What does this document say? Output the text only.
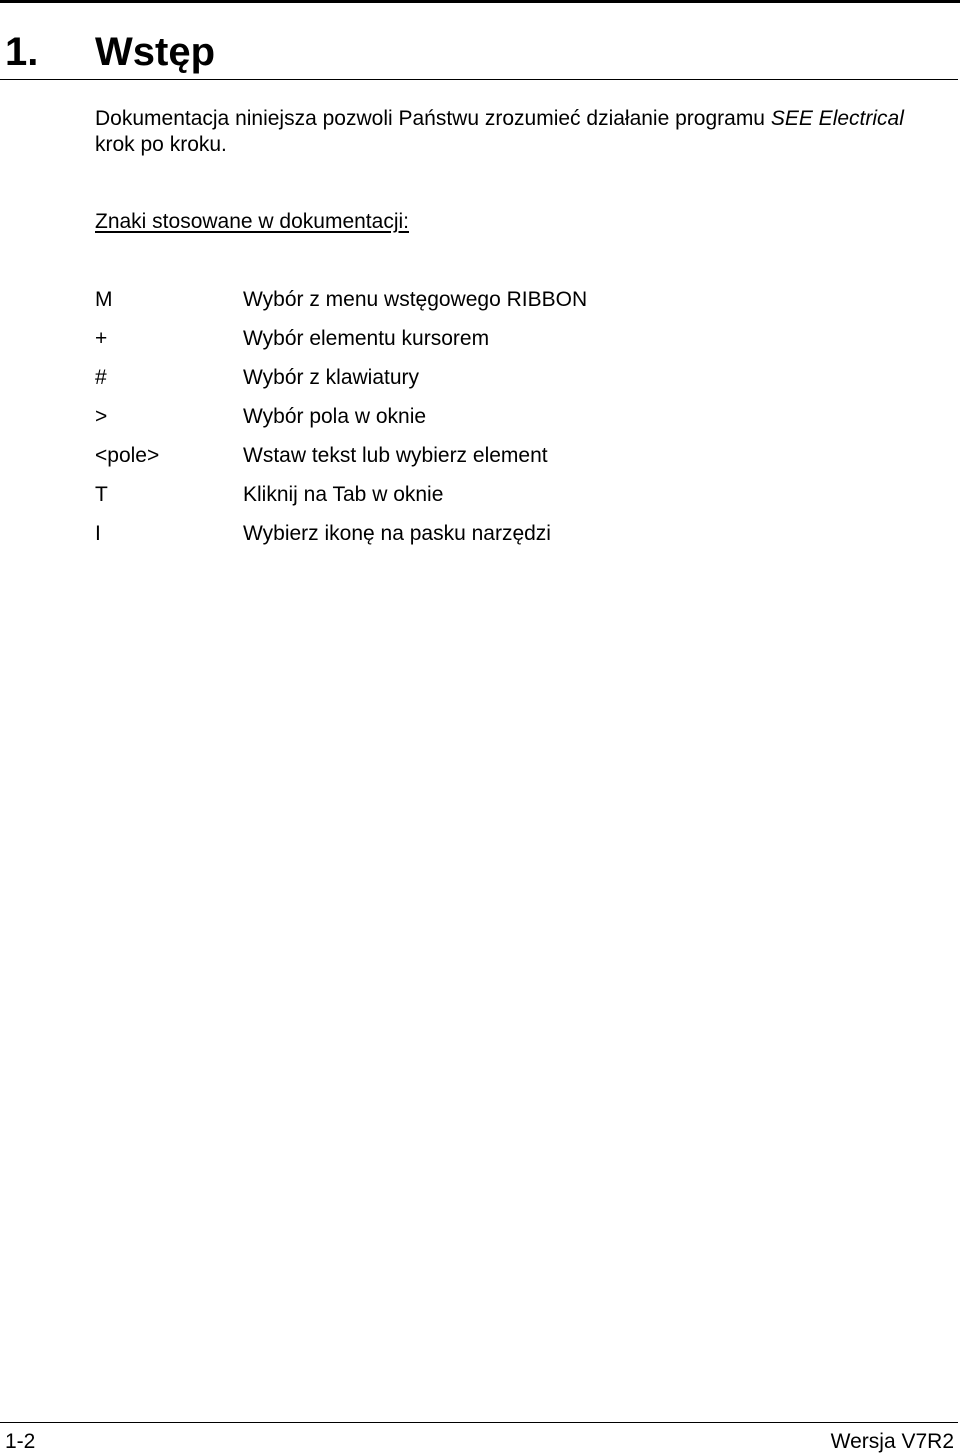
1. Wstęp

Dokumentacja niniejsza pozwoli Państwu zrozumieć działanie programu SEE Electrical krok po kroku.

Znaki stosowane w dokumentacji:
M	Wybór z menu wstęgowego RIBBON
+	Wybór elementu kursorem
#	Wybór z klawiatury
>	Wybór pola w oknie
<pole>	Wstaw tekst lub wybierz element
T	Kliknij na Tab w oknie
I	Wybierz ikonę na pasku narzędzi
1-2	Wersja V7R2
